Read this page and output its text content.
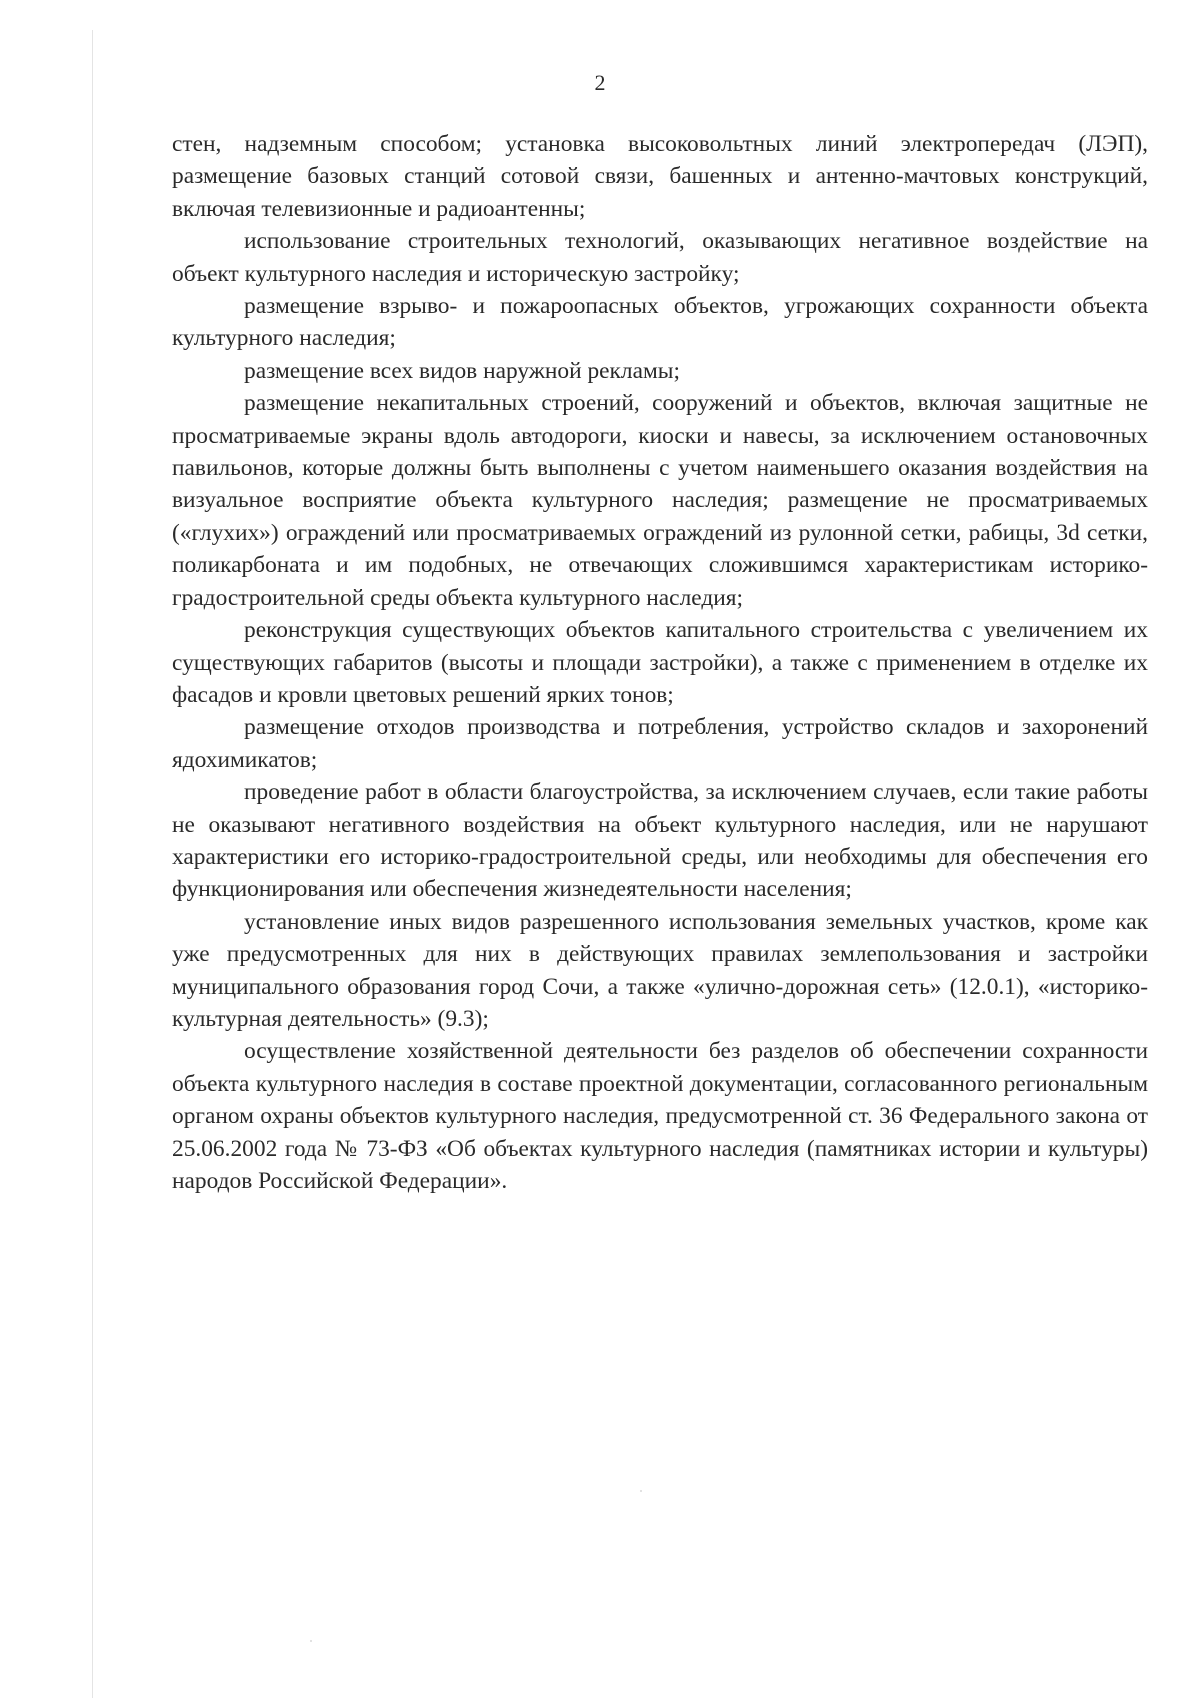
2

стен, надземным способом; установка высоковольтных линий электропередач (ЛЭП), размещение базовых станций сотовой связи, башенных и антенно-мачтовых конструкций, включая телевизионные и радиоантенны;

использование строительных технологий, оказывающих негативное воздействие на объект культурного наследия и историческую застройку;

размещение взрыво- и пожароопасных объектов, угрожающих сохранности объекта культурного наследия;

размещение всех видов наружной рекламы;

размещение некапитальных строений, сооружений и объектов, включая защитные не просматриваемые экраны вдоль автодороги, киоски и навесы, за исключением остановочных павильонов, которые должны быть выполнены с учетом наименьшего оказания воздействия на визуальное восприятие объекта культурного наследия; размещение не просматриваемых («глухих») ограждений или просматриваемых ограждений из рулонной сетки, рабицы, 3d сетки, поликарбоната и им подобных, не отвечающих сложившимся характеристикам историко-градостроительной среды объекта культурного наследия;

реконструкция существующих объектов капитального строительства с увеличением их существующих габаритов (высоты и площади застройки), а также с применением в отделке их фасадов и кровли цветовых решений ярких тонов;

размещение отходов производства и потребления, устройство складов и захоронений ядохимикатов;

проведение работ в области благоустройства, за исключением случаев, если такие работы не оказывают негативного воздействия на объект культурного наследия, или не нарушают характеристики его историко-градостроительной среды, или необходимы для обеспечения его функционирования или обеспечения жизнедеятельности населения;

установление иных видов разрешенного использования земельных участков, кроме как уже предусмотренных для них в действующих правилах землепользования и застройки муниципального образования город Сочи, а также «улично-дорожная сеть» (12.0.1), «историко-культурная деятельность» (9.3);

осуществление хозяйственной деятельности без разделов об обеспечении сохранности объекта культурного наследия в составе проектной документации, согласованного региональным органом охраны объектов культурного наследия, предусмотренной ст. 36 Федерального закона от 25.06.2002 года № 73-ФЗ «Об объектах культурного наследия (памятниках истории и культуры) народов Российской Федерации».
